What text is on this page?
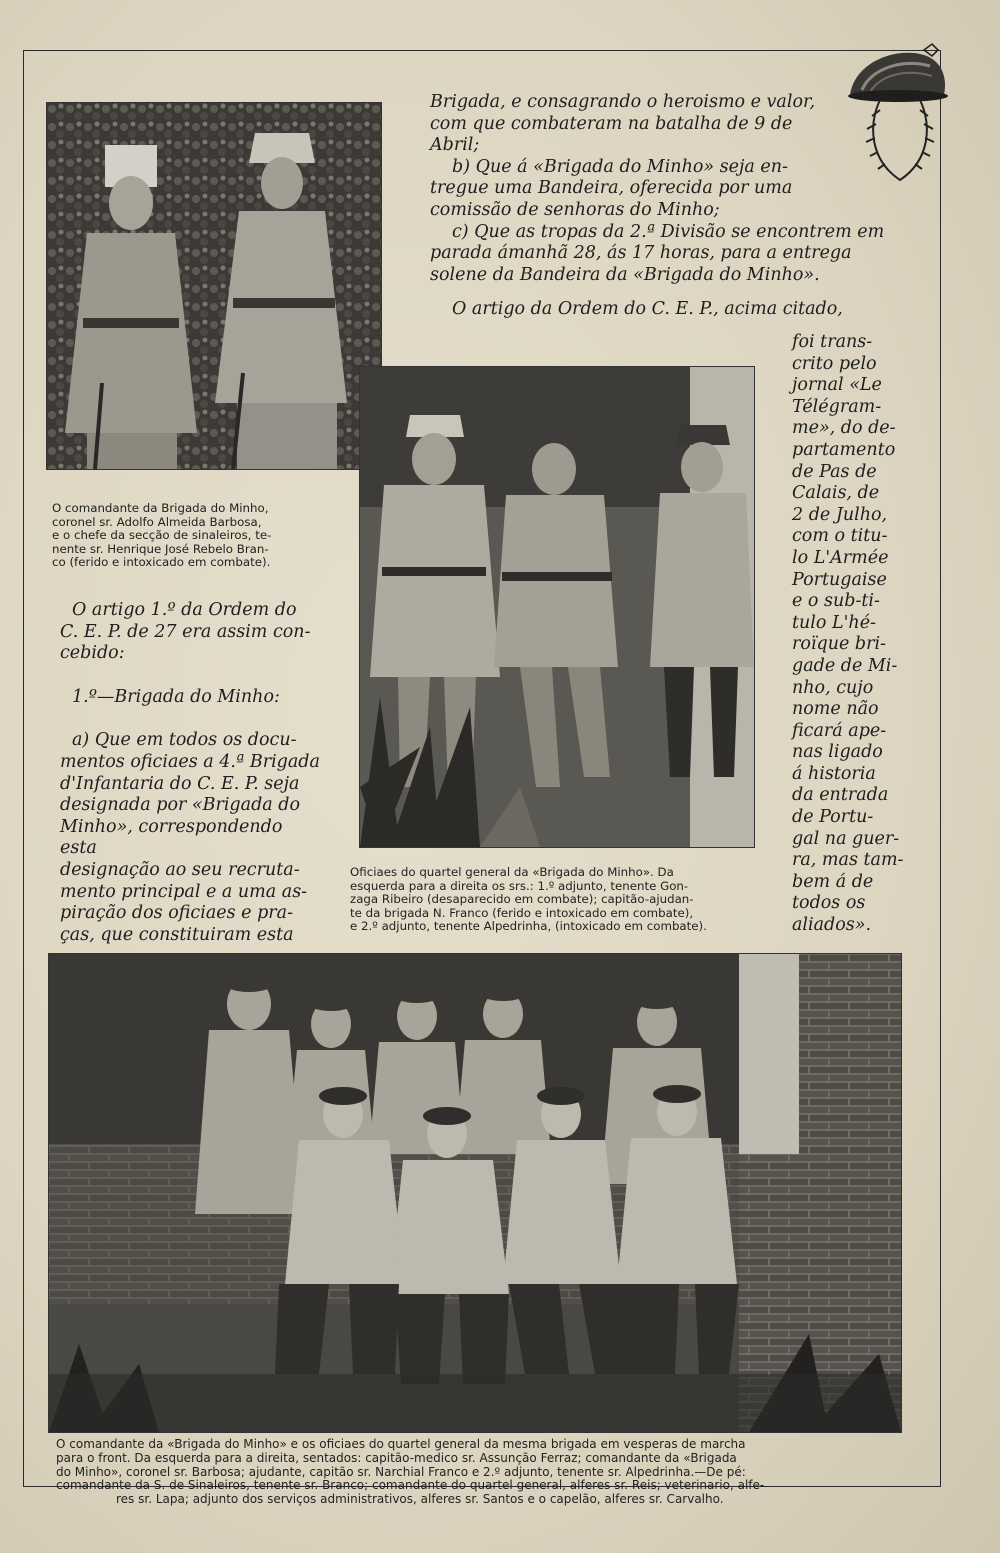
Brigada, e consagrando o heroismo e valor,

com que combateram na batalha de 9 de

Abril;

b) Que á «Brigada do Minho» seja en-

tregue uma Bandeira, oferecida por uma

comissão de senhoras do Minho;

c) Que as tropas da 2.ª Divisão se encontrem em

parada ámanhã 28, ás 17 horas, para a entrega

solene da Bandeira da «Brigada do Minho».

O artigo da Ordem do C. E. P., acima citado,

foi trans-
crito pelo
jornal «Le
Télégram-
me», do de-
partamento
de Pas de
Calais, de
2 de Julho,
com o titu-
lo L'Armée
Portugaise
e o sub-ti-
tulo L'hé-
roïque bri-
gade de Mi-
nho, cujo
nome não
ficará ape-
nas ligado
á historia
da entrada
de Portu-
gal na guer-
ra, mas tam-
bem á de
todos os
aliados».
O comandante da Brigada do Minho,
coronel sr. Adolfo Almeida Barbosa,
e o chefe da secção de sinaleiros, te-
nente sr. Henrique José Rebelo Bran-
co (ferido e intoxicado em combate).
O artigo 1.º da Ordem do
C. E. P. de 27 era assim con-
cebido:
1.º—Brigada do Minho:
a) Que em todos os docu-
mentos oficiaes a 4.ª Brigada
d'Infantaria do C. E. P. seja
designada por «Brigada do
Minho», correspondendo esta
designação ao seu recruta-
mento principal e a uma as-
piração dos oficiaes e pra-
ças, que constituiram esta
Oficiaes do quartel general da «Brigada do Minho». Da
esquerda para a direita os srs.: 1.º adjunto, tenente Gon-
zaga Ribeiro (desaparecido em combate); capitão-ajudan-
te da brigada N. Franco (ferido e intoxicado em combate),
e 2.º adjunto, tenente Alpedrinha, (intoxicado em combate).
O comandante da «Brigada do Minho» e os oficiaes do quartel general da mesma brigada em vesperas de marcha
para o front. Da esquerda para a direita, sentados: capitão-medico sr. Assunção Ferraz; comandante da «Brigada
do Minho», coronel sr. Barbosa; ajudante, capitão sr. Narchial Franco e 2.º adjunto, tenente sr. Alpedrinha.—De pé:
comandante da S. de Sinaleiros, tenente sr. Branco; comandante do quartel general, alferes sr. Reis; veterinario, alfe-
res sr. Lapa; adjunto dos serviços administrativos, alferes sr. Santos e o capelão, alferes sr. Carvalho.
